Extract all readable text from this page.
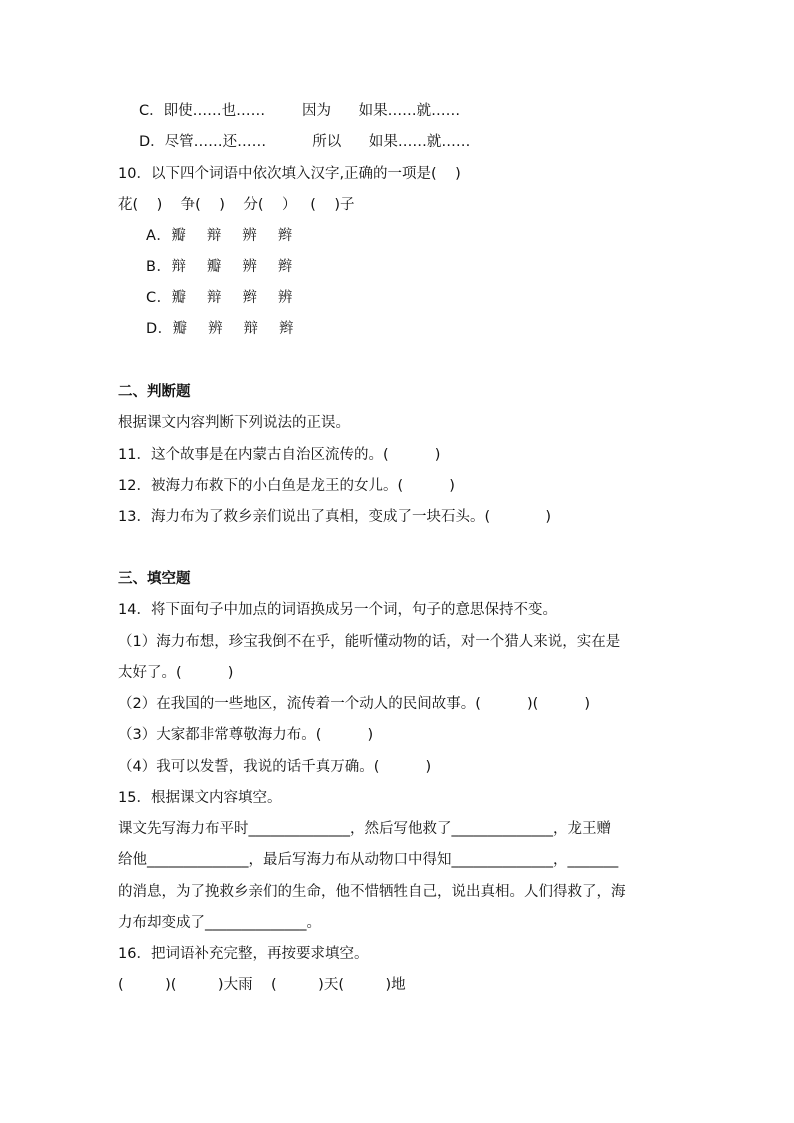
C．即使……也……        因为      如果……就……
D．尽管……还……          所以      如果……就……
10．以下四个词语中依次填入汉字,正确的一项是(    )
花(    )    争(    )    分(    ）   (    )子
A．瓣    辩    辨    辫
B．辩    瓣    辨    辫
C．瓣    辩    辫    辨
D．瓣    辨    辩    辫
二、判断题
根据课文内容判断下列说法的正误。
11．这个故事是在内蒙古自治区流传的。(          )
12．被海力布救下的小白鱼是龙王的女儿。(          )
13．海力布为了救乡亲们说出了真相，变成了一块石头。(            )
三、填空题
14．将下面句子中加点的词语换成另一个词，句子的意思保持不变。
（1）海力布想，珍宝我倒不在乎，能听懂动物的话，对一个猎人来说，实在是
太好了。(          )
（2）在我国的一些地区，流传着一个动人的民间故事。(          )(          )
（3）大家都非常尊敬海力布。(          )
（4）我可以发誓，我说的话千真万确。(          )
15．根据课文内容填空。
课文先写海力布平时______________，然后写他救了______________，龙王赠
给他______________，最后写海力布从动物口中得知______________，_______
的消息，为了挽救乡亲们的生命，他不惜牺牲自己，说出真相。人们得救了，海
力布却变成了______________。
16．把词语补充完整，再按要求填空。
(         )(         )大雨    (         )天(         )地
